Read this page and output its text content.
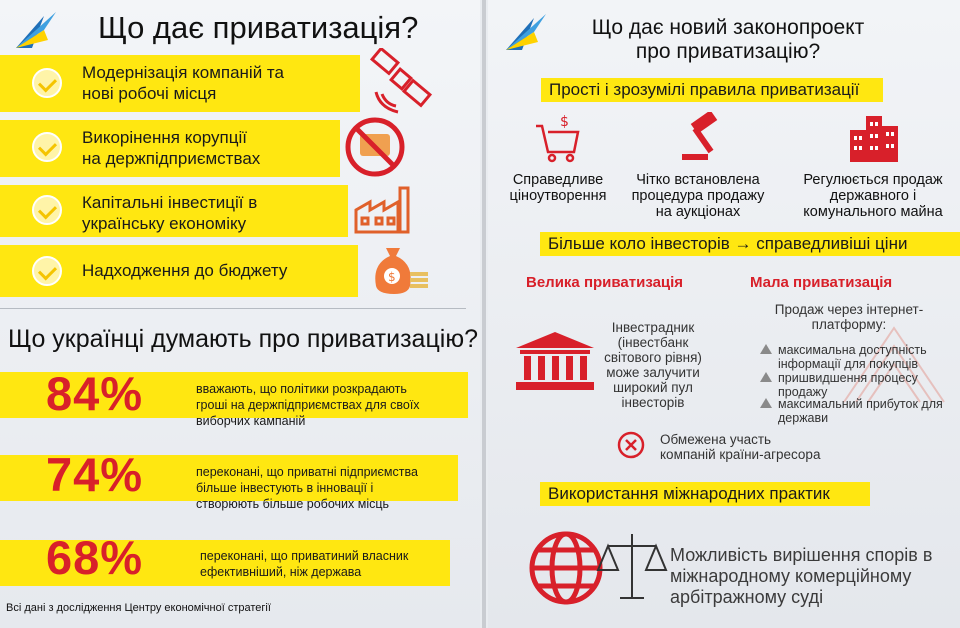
Що дає приватизація?
Модернізація компаній та
нові робочі місця
Викорінення корупції
на держпідприємствах
Капітальні інвестиції в
українську економіку
Надходження до бюджету	$
Що українці думають про приватизацію?
84%	вважають, що політики розкрадають
гроші на держпідприємствах для своїх
виборчих кампаній
74%	переконані, що приватні підприємства
більше інвестують в інновації і
створюють більше робочих місць
68%	переконані, що приватиний власник
ефективніший, ніж держава
Всі дані з дослідження Центру економічної стратегії
Що дає новий законопроект
про приватизацію?
Прості і зрозумілі правила приватизації
$
Справедливе
ціноутворення
Чітко встановлена
процедура продажу
на аукціонах
Регулюється продаж
державного і
комунального майна
Більше коло інвесторів → справедливіші ціни
Велика приватизація	Мала приватизація
Інвестрадник
(інвестбанк
світового рівня)
може залучити
широкий пул
інвесторів
Продаж через інтернет-
платформу:
максимальна доступність
інформації для покупців
пришвидшення процесу
продажу
максимальний прибуток для
держави
Обмежена участь
компаній країни-агресора
Використання міжнародних практик
Можливість вирішення спорів в
міжнародному комерційному
арбітражному суді
